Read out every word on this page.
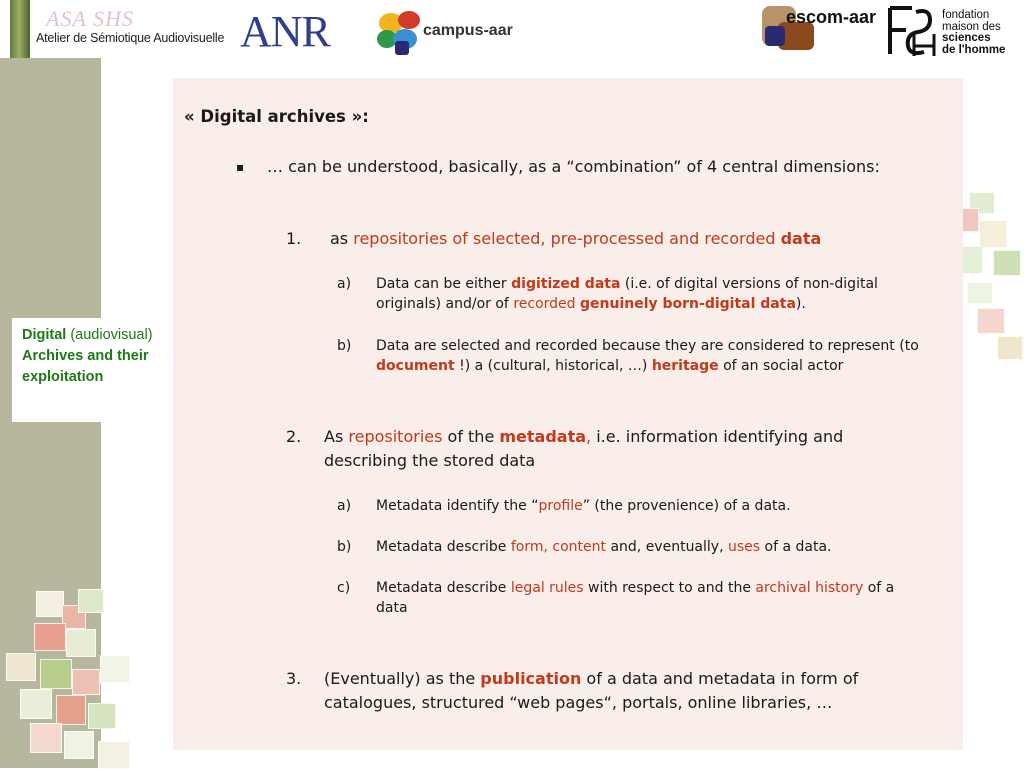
ASA SHS
Atelier de Sémiotique Audiovisuelle ANR	campus-aar
escom-aar	fondation
maison des
sciences
de l'homme
Digital (audiovisual)
Archives and their
exploitation
« Digital archives »:
▪ … can be understood, basically, as a “combination” of 4 central dimensions:
1. as repositories of selected, pre-processed and recorded data
a) Data can be either digitized data (i.e. of digital versions of non-digital
originals) and/or of recorded genuinely born-digital data).
b) Data are selected and recorded because they are considered to represent (to
document !) a (cultural, historical, …) heritage of an social actor
2. As repositories of the metadata, i.e. information identifying and
describing the stored data
a) Metadata identify the “profile” (the provenience) of a data.
b) Metadata describe form, content and, eventually, uses of a data.
c) Metadata describe legal rules with respect to and the archival history of a
data
3. (Eventually) as the publication of a data and metadata in form of
catalogues, structured “web pages“, portals, online libraries, …
